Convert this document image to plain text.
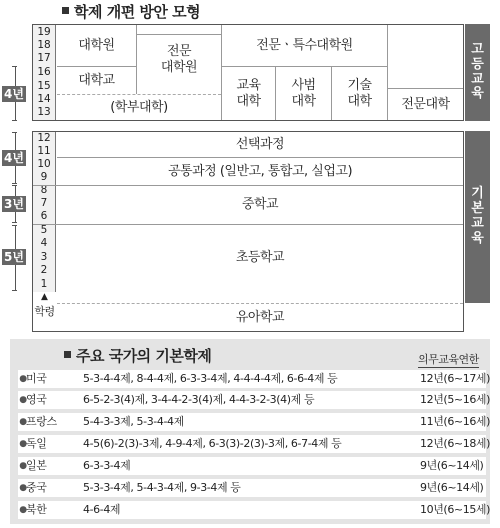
학제 개편 방안 모형
19
18
17
16
15
14
13
대학원
대학교
(학부대학)
전문
대학원
전문ㆍ특수대학원
교육
대학
사범
대학
기술
대학	전문대학
고
등
교
육
4년
12
11
10
9
8
7
6
5
4
3
2
1
▲
학령
선택과정
공통과정 (일반고, 통합고, 실업고)
중학교
초등학교
유아학교
기
본
교
육
4년
3년
5년
주요 국가의 기본학제	의무교육연한
● 미국	5-3-4-4제, 8-4-4제, 6-3-3-4제, 4-4-4-4제, 6-6-4제 등	12년(6~17세)
● 영국	6-5-2-3(4)제, 3-4-4-2-3(4)제, 4-4-3-2-3(4)제 등	12년(5~16세)
● 프랑스	5-4-3-3제, 5-3-4-4제	11년(6~16세)
● 독일	4-5(6)-2(3)-3제, 4-9-4제, 6-3(3)-2(3)-3제, 6-7-4제 등	12년(6~18세)
● 일본	6-3-3-4제	9년(6~14세)
● 중국	5-3-3-4제, 5-4-3-4제, 9-3-4제 등	9년(6~14세)
● 북한	4-6-4제	10년(6~15세)
